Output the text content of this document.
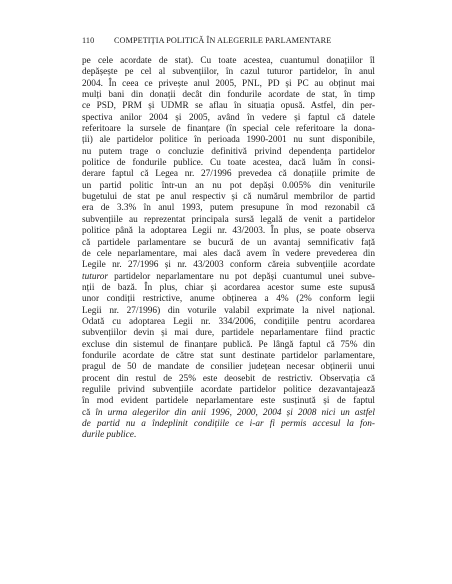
110 COMPETIȚIA POLITICĂ ÎN ALEGERILE PARLAMENTARE
pe cele acordate de stat). Cu toate acestea, cuantumul donațiilor îl
depășește pe cel al subvențiilor, în cazul tuturor partidelor, în anul
2004. În ceea ce privește anul 2005, PNL, PD și PC au obținut mai
mulți bani din donații decât din fondurile acordate de stat, în timp
ce PSD, PRM și UDMR se aflau în situația opusă. Astfel, din per-
spectiva anilor 2004 și 2005, având în vedere și faptul că datele
referitoare la sursele de finanțare (în special cele referitoare la dona-
ții) ale partidelor politice în perioada 1990-2001 nu sunt disponibile,
nu putem trage o concluzie definitivă privind dependența partidelor
politice de fondurile publice. Cu toate acestea, dacă luăm în consi-
derare faptul că Legea nr. 27/1996 prevedea că donațiile primite de
un partid politic într-un an nu pot depăși 0.005% din veniturile
bugetului de stat pe anul respectiv și că numărul membrilor de partid
era de 3.3% în anul 1993, putem presupune în mod rezonabil că
subvențiile au reprezentat principala sursă legală de venit a partidelor
politice până la adoptarea Legii nr. 43/2003. În plus, se poate observa
că partidele parlamentare se bucură de un avantaj semnificativ față
de cele neparlamentare, mai ales dacă avem în vedere prevederea din
Legile nr. 27/1996 și nr. 43/2003 conform căreia subvențiile acordate
tuturor partidelor neparlamentare nu pot depăși cuantumul unei subve-
nții de bază. În plus, chiar și acordarea acestor sume este supusă
unor condiții restrictive, anume obținerea a 4% (2% conform legii
Legii nr. 27/1996) din voturile valabil exprimate la nivel național.
Odată cu adoptarea Legii nr. 334/2006, condițiile pentru acordarea
subvențiilor devin și mai dure, partidele neparlamentare fiind practic
excluse din sistemul de finanțare publică. Pe lângă faptul că 75% din
fondurile acordate de către stat sunt destinate partidelor parlamentare,
pragul de 50 de mandate de consilier județean necesar obținerii unui
procent din restul de 25% este deosebit de restrictiv. Observația că
regulile privind subvențiile acordate partidelor politice dezavantajează
în mod evident partidele neparlamentare este susținută și de faptul
că în urma alegerilor din anii 1996, 2000, 2004 și 2008 nici un astfel
de partid nu a îndeplinit condițiile ce i-ar fi permis accesul la fon-
durile publice.
